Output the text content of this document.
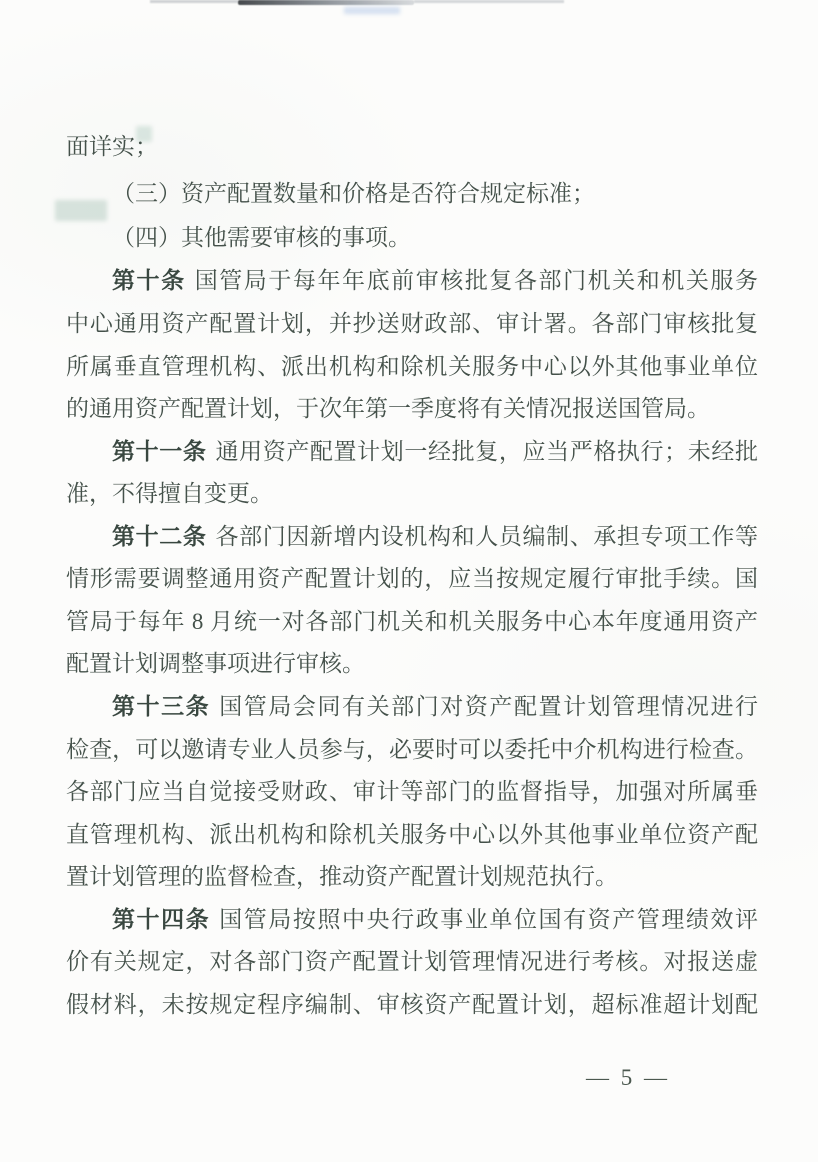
面详实；
（三）资产配置数量和价格是否符合规定标准；
（四）其他需要审核的事项。
第十条 国管局于每年年底前审核批复各部门机关和机关服务
中心通用资产配置计划，并抄送财政部、审计署。各部门审核批复
所属垂直管理机构、派出机构和除机关服务中心以外其他事业单位
的通用资产配置计划，于次年第一季度将有关情况报送国管局。
第十一条 通用资产配置计划一经批复，应当严格执行；未经批
准，不得擅自变更。
第十二条 各部门因新增内设机构和人员编制、承担专项工作等
情形需要调整通用资产配置计划的，应当按规定履行审批手续。国
管局于每年 8 月统一对各部门机关和机关服务中心本年度通用资产
配置计划调整事项进行审核。
第十三条 国管局会同有关部门对资产配置计划管理情况进行
检查，可以邀请专业人员参与，必要时可以委托中介机构进行检查。
各部门应当自觉接受财政、审计等部门的监督指导，加强对所属垂
直管理机构、派出机构和除机关服务中心以外其他事业单位资产配
置计划管理的监督检查，推动资产配置计划规范执行。
第十四条 国管局按照中央行政事业单位国有资产管理绩效评
价有关规定，对各部门资产配置计划管理情况进行考核。对报送虚
假材料，未按规定程序编制、审核资产配置计划，超标准超计划配
— 5 —
